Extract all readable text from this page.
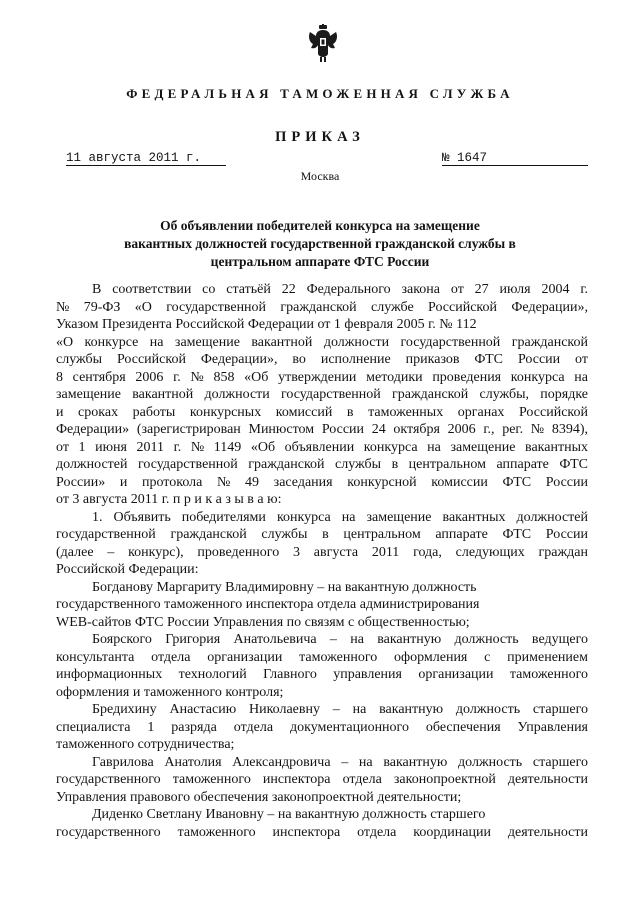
ФЕДЕРАЛЬНАЯ ТАМОЖЕННАЯ СЛУЖБА
ПРИКАЗ
11 августа 2011 г.	№ 1647
Москва
Об объявлении победителей конкурса на замещение
вакантных должностей государственной гражданской службы в
центральном аппарате ФТС России
В соответствии со статьёй 22 Федерального закона от 27 июля 2004 г.
№ 79-ФЗ «О государственной гражданской службе Российской Федерации»,
Указом Президента Российской Федерации от 1 февраля 2005 г. № 112
«О конкурсе на замещение вакантной должности государственной гражданской
службы Российской Федерации», во исполнение приказов ФТС России от
8 сентября 2006 г. № 858 «Об утверждении методики проведения конкурса на
замещение вакантной должности государственной гражданской службы, порядке
и сроках работы конкурсных комиссий в таможенных органах Российской
Федерации» (зарегистрирован Минюстом России 24 октября 2006 г., рег. № 8394),
от 1 июня 2011 г. № 1149 «Об объявлении конкурса на замещение вакантных
должностей государственной гражданской службы в центральном аппарате ФТС
России» и протокола № 49 заседания конкурсной комиссии ФТС России
от 3 августа 2011 г. п р и к а з ы в а ю:
1. Объявить победителями конкурса на замещение вакантных должностей
государственной гражданской службы в центральном аппарате ФТС России
(далее – конкурс), проведенного 3 августа 2011 года, следующих граждан
Российской Федерации:
Богданову Маргариту Владимировну – на вакантную должность
государственного таможенного инспектора отдела администрирования
WEB-сайтов ФТС России Управления по связям с общественностью;
Боярского Григория Анатольевича – на вакантную должность ведущего
консультанта отдела организации таможенного оформления с применением
информационных технологий Главного управления организации таможенного
оформления и таможенного контроля;
Бредихину Анастасию Николаевну – на вакантную должность старшего
специалиста 1 разряда отдела документационного обеспечения Управления
таможенного сотрудничества;
Гаврилова Анатолия Александровича – на вакантную должность старшего
государственного таможенного инспектора отдела законопроектной деятельности
Управления правового обеспечения законопроектной деятельности;
Диденко Светлану Ивановну – на вакантную должность старшего
государственного таможенного инспектора отдела координации деятельности
